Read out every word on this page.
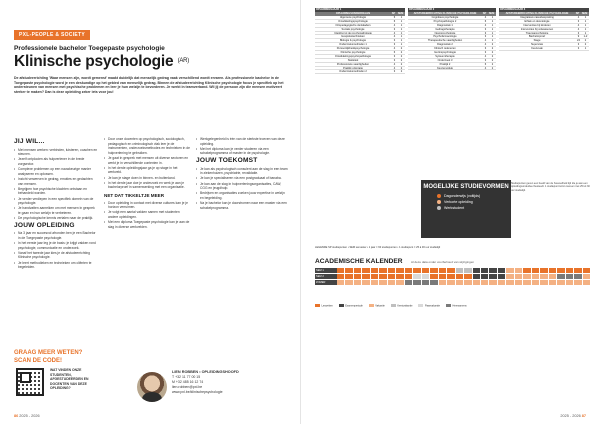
PXL-PEOPLE & SOCIETY
Professionele bachelor Toegepaste psychologie
Klinische psychologie $^{(AR)}$
De afstudeerrichting 'Waar mensen zijn, wordt gemenst' maakt duidelijk dat menselijk gedrag vaak verschillend wordt ervaren. Als professionele bachelor in de Toegepaste psychologie word je een deskundige op het gebied van menselijk gedrag. Binnen de afstudeerrichting Klinische psychologie focus je specifiek op het ondersteunen van mensen met psychische problemen en leer je hun welzijn te bevorderen. Je werkt in teamverband. Wil jij de persoon zijn die mensen motiveert sterker te maken? Dan is deze opleiding zeker iets voor jou!
JIJ WIL...
• Met mensen werken: verbinden, luisteren, coachen en steunen.
• Jezelf ontplooien als hulpverlener in de brede zorgsector.
• Complexe problemen op een nauwkeurige manier analyseren en oplossen.
• Inzicht verwerven in gedrag, emoties en gedachten van mensen.
• Begrijpen hoe psychische klachten ontstaan en behandeld worden.
• Je verder verdiepen in een specifiek domein van de psychologie.
• Je handvatten aanreiken om met mensen in gesprek te gaan en hun welzijn te verbeteren.
• De psychologische kennis vertalen naar de praktijk.
JOUW OPLEIDING
• Na 3 jaar en succesvol afronden ben je een Bachelor in de Toegepaste psychologie.
• In het eerste jaar leg je de basis: je krijgt vakken rond psychologie, communicatie en onderzoek.
• Vanaf het tweede jaar kies je de afstudeerrichting Klinische psychologie.
• Je leert methodieken en technieken om cliënten te begeleiden.
• Door onze docenten op psychologisch, sociologisch, pedagogisch en criminologisch vlak leer je de instrumenten, onderzoeksmethodes en technieken in de hulpverlening te gebruiken.
• Je gaat in gesprek met mensen uit diverse sectoren en werkt je in verschillende contexten in.
• In het derde opleidingsjaar ga je op stage in het werkveld.
• Je kan je stage doen in binnen- en buitenland.
• In het derde jaar doe je onderzoek en werk je aan je bachelorproef in samenwerking met een organisatie.
NET DAT TIKKELTJE MEER
• Door opleiding in contact met diverse cultures kan je je horizon verruimen.
• Je volgt een aantal vakken samen met studenten andere opleidingen.
• Met een diploma Toegepaste psychologie kan je aan de slag in diverse werkvelden.
• Werkgelegenheid is één van de sterkste troeven van deze opleiding.
• Met het diploma kan je verder studeren via een schakelprogramma of master in de psychologie.
JOUW TOEKOMST
• Je kan als psychologisch consulent aan de slag in een team in ziekenhuizen, psychiatrie, revalidatie.
• Je kan je specialiseren via een postgraduaat of banaba.
• Je kan aan de slag in hulpverleningsorganisaties, CAW, CGG en jeugdhulp.
• Bedrijven en organisaties zoeken jouw expertise in welzijn en begeleiding.
• Na je bachelor kan je doorstromen naar een master via een schakelprogramma.
GRAAG MEER WETEN? SCAN DE CODE!
WAT VINDEN ONZE STUDENTEN, AFGESTUDEERDEN EN DOCENTEN VAN DEZE OPLEIDING?
LIEN ROBBEN • OPLEIDINGSHOOFD
T +32 11 77 00 15
M +32 485 16 12 74
lien.robben@pxl.be
www.pxl.be/klinischepsychologie
86 2025 - 2026
OPLEIDINGSJAAR 1
OPLEIDINGSONDERDELEN	SP SEM
Algemene psychologie	6	1
Ontwikkelingspsychologie	6	1
Ortopedagogische denkkaders	4	1
Sociale psychologie	3	1
Inleiding tot de psychopathologie	4	1
Gesprekstechnieken	4	1
Biologie & psychologie	3	1
Onderzoeksmethoden 1	3	1
Persoonlijkheidspsychologie	4	2
Klinische psychologie	6	2
Ontwikkelingspsychopathologie	3	2
Statistiek	3	2
Professionele vaardigheden	4	2
Praktijk oriëntatie	4	2
Onderzoeksmethoden 2	3	2
OPLEIDINGSJAAR 2
AFSTUDEERRICHTING KLINISCHE PSYCHOLOGIE	SP SEM
Cognitieve psychologie	4	1
Psychopathologie 2	6	1
Diagnostiek 1	4	1
Gedragstherapie	3	1
Neuropsychologie	3	1
Psychofarmacologie	3	1
Therapeutische vaardigheden	4	1
Diagnostiek 2	4	2
Klinisch redeneren	3	2
Gezinspsychologie	3	2
Systeemtherapie	4	2
Onderzoek 3	3	2
Praktijk 2	6	2
Keuzemodule	4	2
OPLEIDINGSJAAR 3
AFSTUDEERRICHTING KLINISCHE PSYCHOLOGIE	SP SEM
Integratieve casusbespreking	4	1
Ethiek en deontologie	3	1
Interventies bij kinderen	4	1
Interventies bij volwassenen	4	1
Traumapsychologie	3	1
Bachelorproef	9	1-2
Stage	24	2
Supervisie	3	2
Keuzevak	3	1
MOGELIJKE STUDIEVORMEN
Dagonderwijs (voltijds)
Verkorte opleiding
Werkstudent
Studiepunten geven een beeld van de hoeveelheid tijd die je aan een opleidingsonderdeel besteedt. 1 studiepunt komt overeen met 25 tot 30 uur studietijd.
LEGENDE SP studiepunten • SEM semester • 1 jaar = 60 studiepunten • 1 studiepunt = 25 à 30 uur studietijd
ACADEMISCHE KALENDER	Al deze data onder voorbehoud van wijzigingen
SEM 1
SEM 2
ZOMER
Lesweken	Examenperiode	Vakantie	Kerstvakantie	Paasvakantie	Herexamens
2025 - 2026 87
